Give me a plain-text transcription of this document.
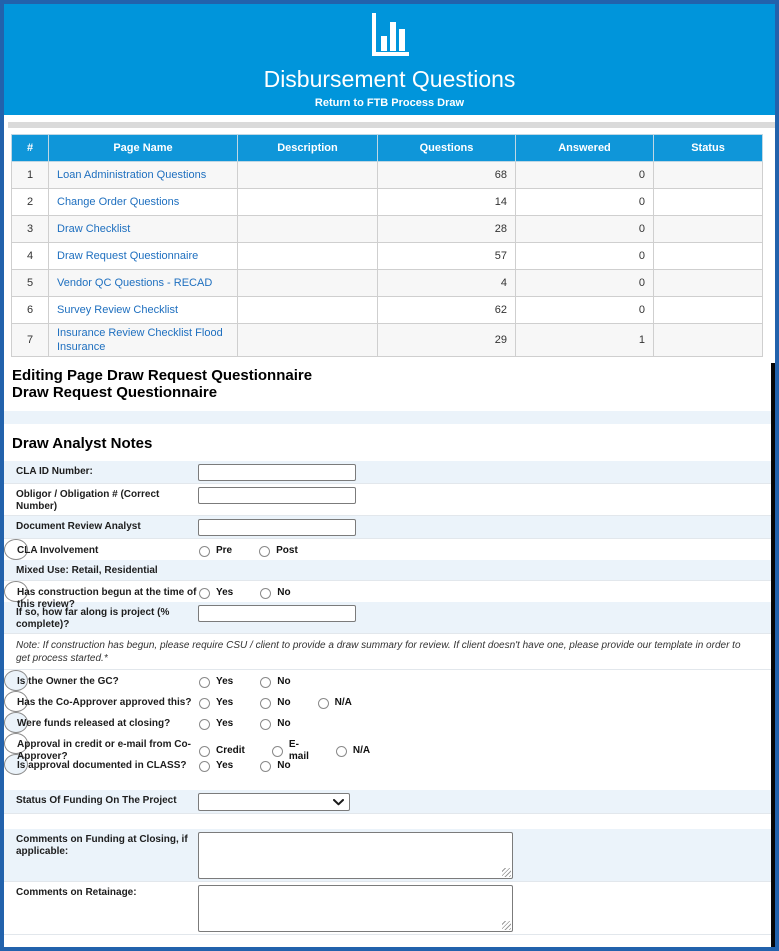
Disbursement Questions
Return to FTB Process Draw
#	Page Name	Description	Questions	Answered	Status
1	Loan Administration Questions		68	0	
2	Change Order Questions		14	0	
3	Draw Checklist		28	0	
4	Draw Request Questionnaire		57	0	
5	Vendor QC Questions - RECAD		4	0	
6	Survey Review Checklist		62	0	
7	Insurance Review Checklist Flood Insurance		29	1	
Editing Page Draw Request Questionnaire
Draw Request Questionnaire
Draw Analyst Notes
CLA ID Number:
Obligor / Obligation # (Correct Number)
Document Review Analyst
CLA Involvement	Pre	Post
Mixed Use: Retail, Residential
Has construction begun at the time of this review?
Yes	No
If so, how far along is project (% complete)?
Note: If construction has begun, please require CSU / client to provide a draw summary for review. If client doesn't have one, please provide our template in order to get process started.*
Is the Owner the GC?	Yes	No
Has the Co-Approver approved this?	Yes	No	N/A
Were funds released at closing?	Yes	No
Approval in credit or e-mail from Co-Approver?
Credit
E-mail
N/A
Is approval documented in CLASS?	Yes	No
Status Of Funding On The Project
Comments on Funding at Closing, if applicable:
Comments on Retainage:
